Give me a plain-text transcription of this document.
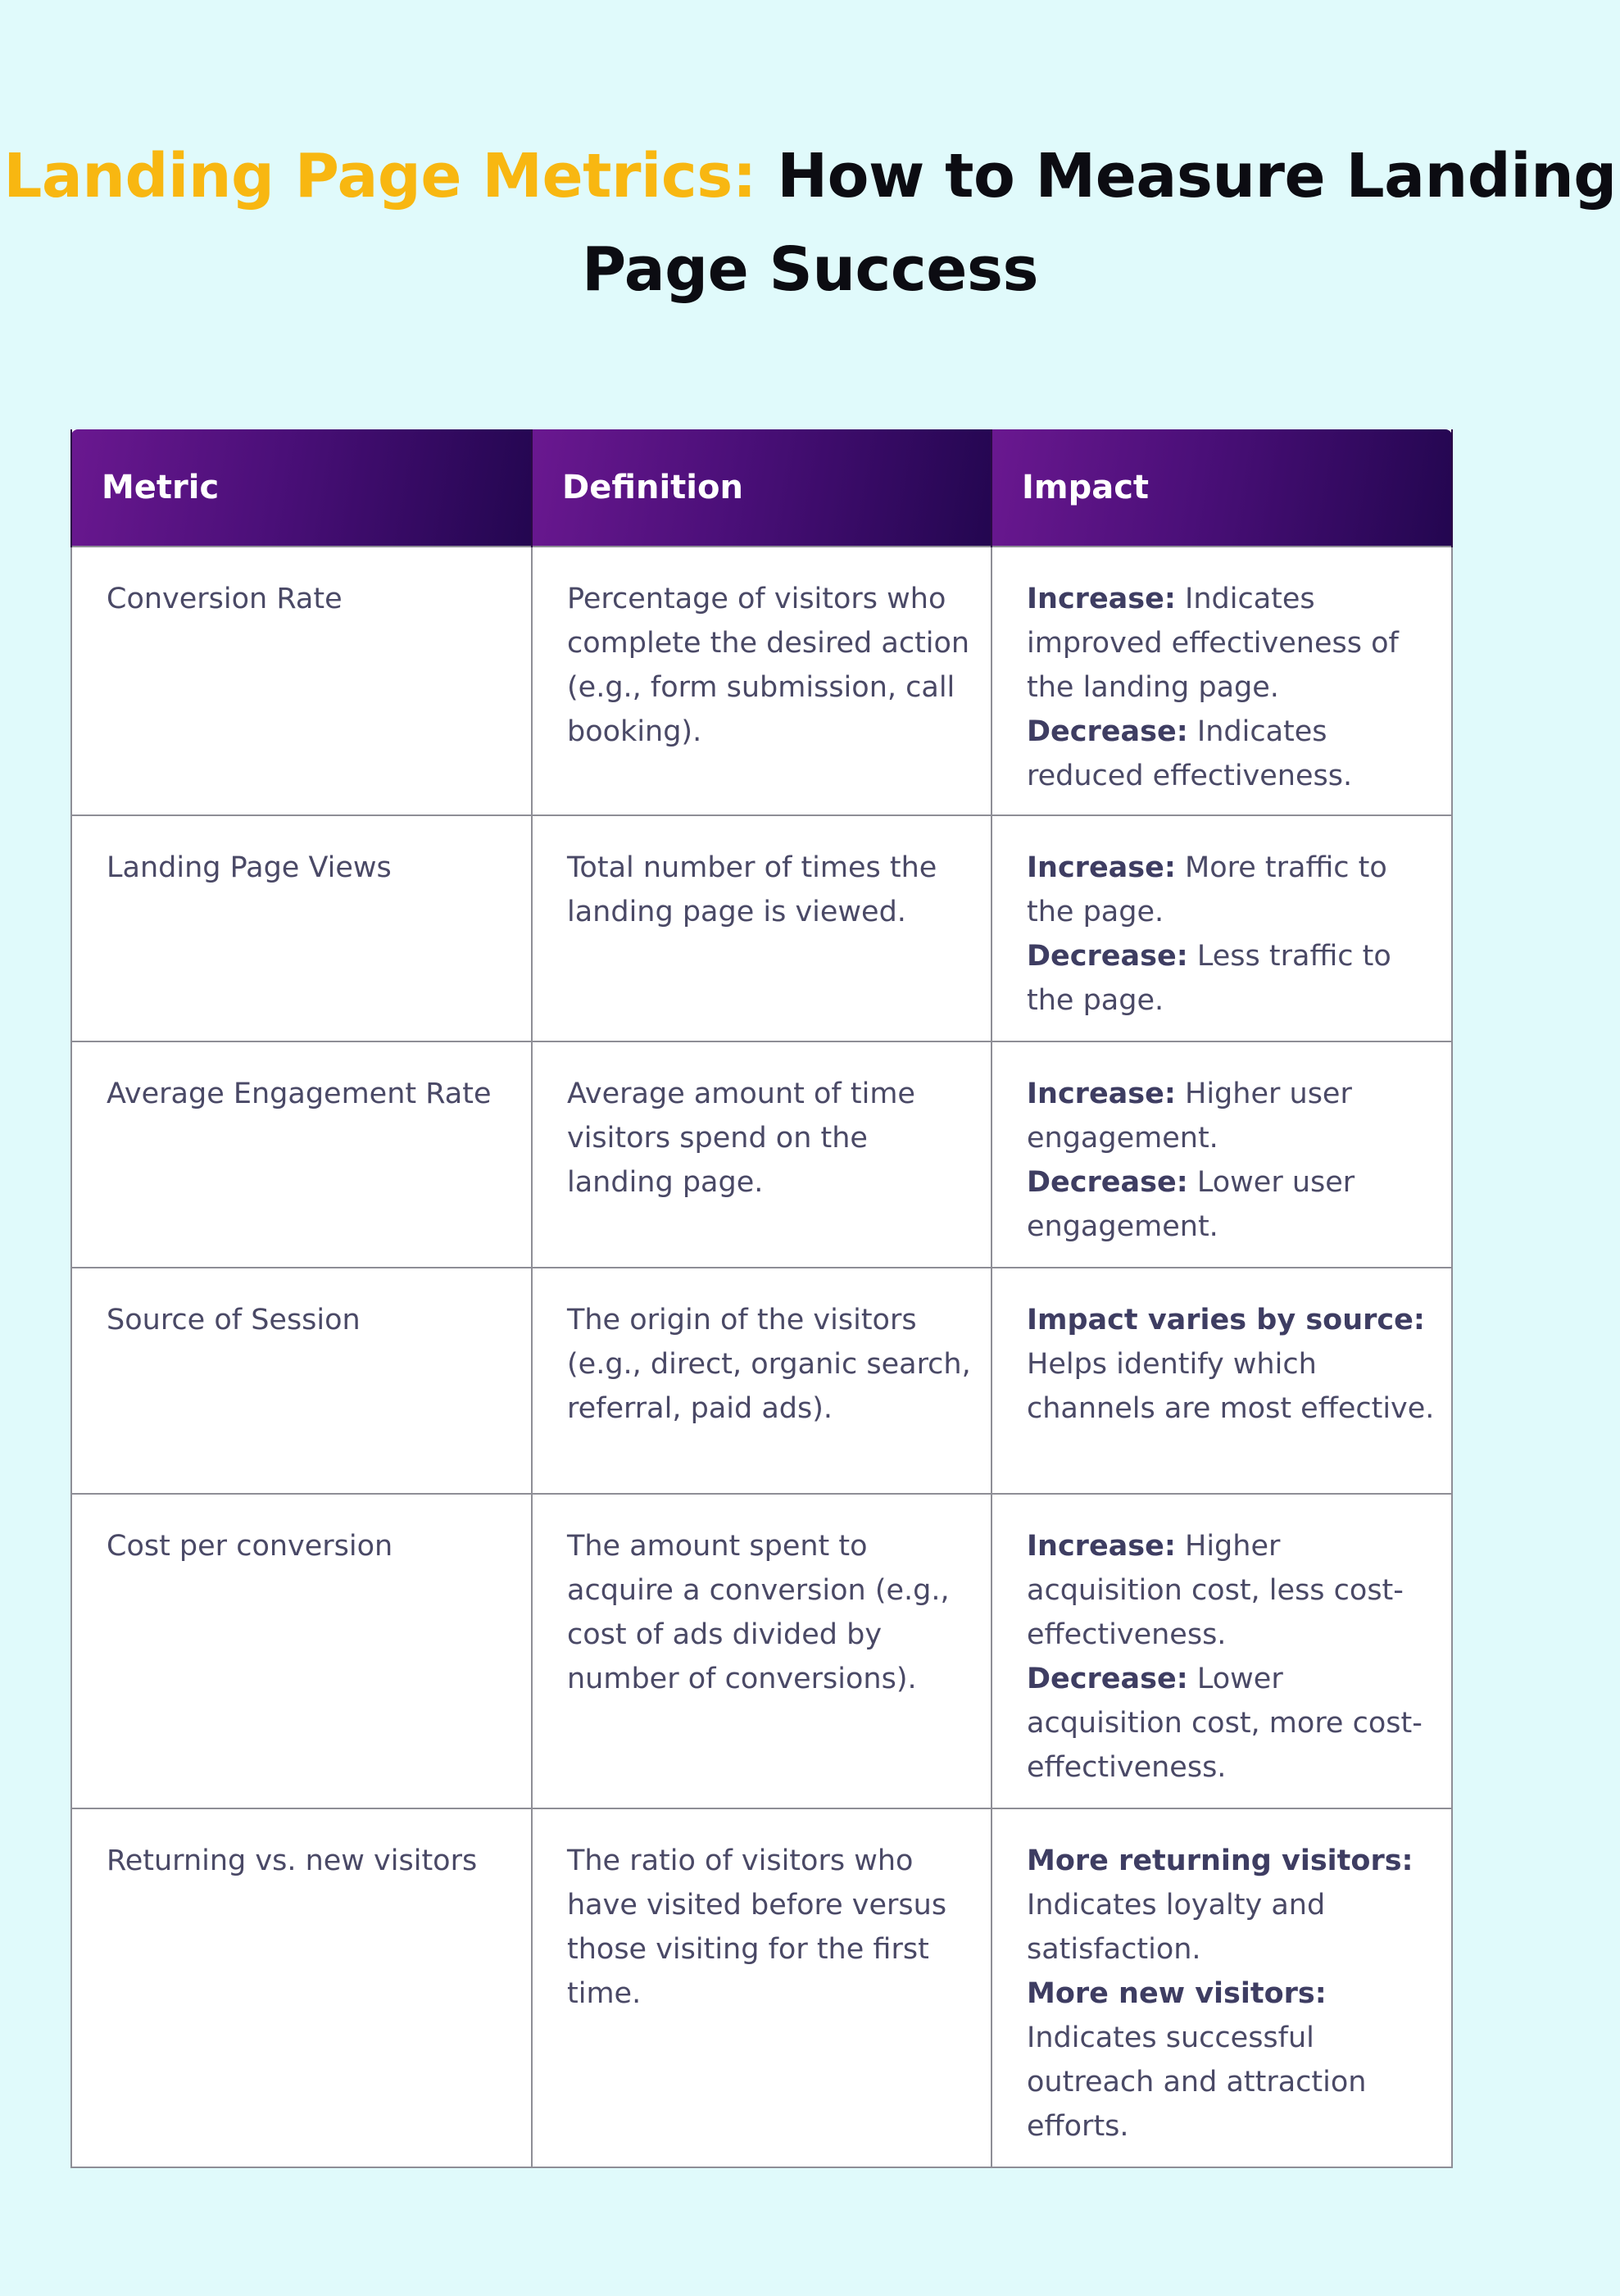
Landing Page Metrics: How to Measure Landing Page Success
Metric	Definition	Impact
Conversion Rate	Percentage of visitors who complete the desired action (e.g., form submission, call booking).	Increase: Indicates improved effectiveness of the landing page.
Decrease: Indicates reduced effectiveness.

Landing Page Views	Total number of times the landing page is viewed.	Increase: More traffic to the page.
Decrease: Less traffic to the page.

Average Engagement Rate	Average amount of time visitors spend on the landing page.	Increase: Higher user engagement.
Decrease: Lower user engagement.

Source of Session	The origin of the visitors (e.g., direct, organic search, referral, paid ads).	Impact varies by source: Helps identify which channels are most effective.

Cost per conversion	The amount spent to acquire a conversion (e.g., cost of ads divided by number of conversions).	Increase: Higher acquisition cost, less cost-effectiveness.
Decrease: Lower acquisition cost, more cost-effectiveness.

Returning vs. new visitors	The ratio of visitors who have visited before versus those visiting for the first time.	More returning visitors: Indicates loyalty and satisfaction.
More new visitors: Indicates successful outreach and attraction efforts.
